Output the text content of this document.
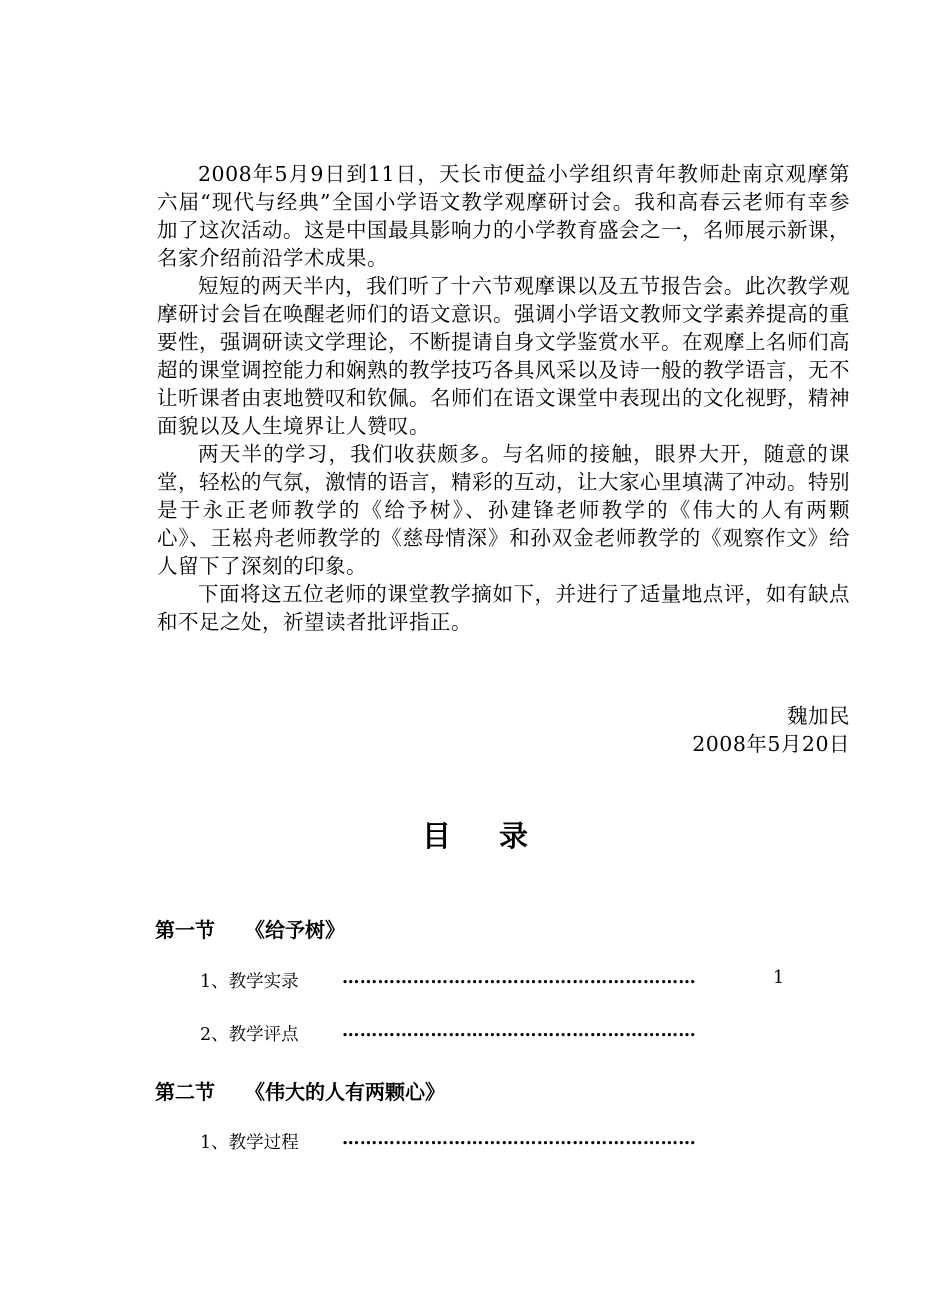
2008年5月9日到11日，天长市便益小学组织青年教师赴南京观摩第六届“现代与经典”全国小学语文教学观摩研讨会。我和高春云老师有幸参加了这次活动。这是中国最具影响力的小学教育盛会之一，名师展示新课，名家介绍前沿学术成果。

短短的两天半内，我们听了十六节观摩课以及五节报告会。此次教学观摩研讨会旨在唤醒老师们的语文意识。强调小学语文教师文学素养提高的重要性，强调研读文学理论，不断提请自身文学鉴赏水平。在观摩上名师们高超的课堂调控能力和娴熟的教学技巧各具风采以及诗一般的教学语言，无不让听课者由衷地赞叹和钦佩。名师们在语文课堂中表现出的文化视野，精神面貌以及人生境界让人赞叹。

两天半的学习，我们收获颇多。与名师的接触，眼界大开，随意的课堂，轻松的气氛，激情的语言，精彩的互动，让大家心里填满了冲动。特别是于永正老师教学的《给予树》、孙建锋老师教学的《伟大的人有两颗心》、王崧舟老师教学的《慈母情深》和孙双金老师教学的《观察作文》给人留下了深刻的印象。

下面将这五位老师的课堂教学摘如下，并进行了适量地点评，如有缺点和不足之处，祈望读者批评指正。

魏加民
2008年5月20日
目录
第一节 《给予树》
1、教学实录 ……………………………………………………	1
2、教学评点 ……………………………………………………
第二节 《伟大的人有两颗心》
1、教学过程 ……………………………………………………
